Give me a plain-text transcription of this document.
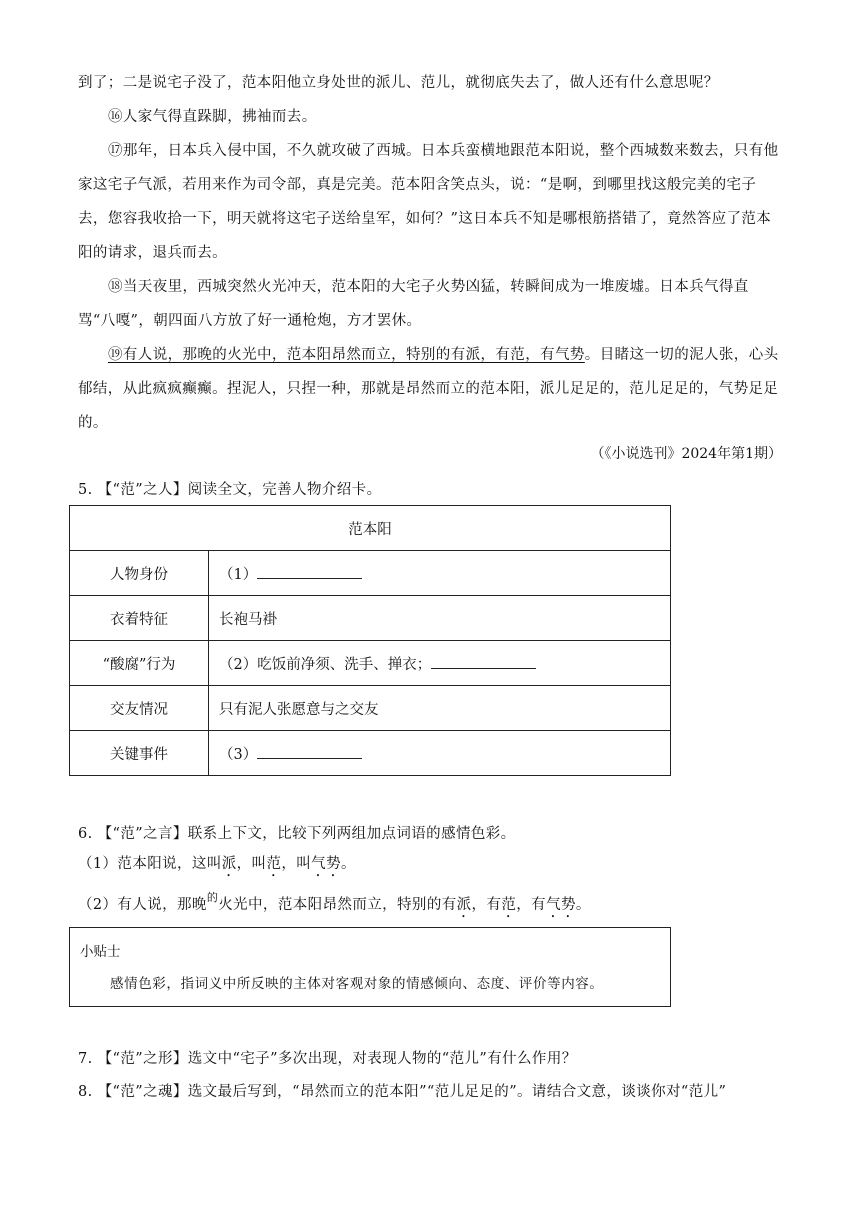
到了；二是说宅子没了，范本阳他立身处世的派儿、范儿，就彻底失去了，做人还有什么意思呢？

⑯人家气得直跺脚，拂袖而去。

⑰那年，日本兵入侵中国，不久就攻破了西城。日本兵蛮横地跟范本阳说，整个西城数来数去，只有他家这宅子气派，若用来作为司令部，真是完美。范本阳含笑点头，说：“是啊，到哪里找这般完美的宅子去，您容我收拾一下，明天就将这宅子送给皇军，如何？”这日本兵不知是哪根筋搭错了，竟然答应了范本阳的请求，退兵而去。

⑱当天夜里，西城突然火光冲天，范本阳的大宅子火势凶猛，转瞬间成为一堆废墟。日本兵气得直骂“八嘎”，朝四面八方放了好一通枪炮，方才罢休。

⑲有人说，那晚的火光中，范本阳昂然而立，特别的有派，有范，有气势。目睹这一切的泥人张，心头郁结，从此疯疯癫癫。捏泥人，只捏一种，那就是昂然而立的范本阳，派儿足足的，范儿足足的，气势足足的。

（《小说选刊》2024年第1期）
5. 【“范”之人】阅读全文，完善人物介绍卡。
范本阳	
人物身份	（1）
衣着特征	长袍马褂
“酸腐”行为	（2）吃饭前净须、洗手、掸衣；
交友情况	只有泥人张愿意与之交友
关键事件	（3）
6. 【“范”之言】联系上下文，比较下列两组加点词语的感情色彩。
（1）范本阳说，这叫派，叫范，叫气势。
（2）有人说，那晚$^的$火光中，范本阳昂然而立，特别的有派，有范，有气势。
小贴士
感情色彩，指词义中所反映的主体对客观对象的情感倾向、态度、评价等内容。
7. 【“范”之形】选文中“宅子”多次出现，对表现人物的“范儿”有什么作用？
8. 【“范”之魂】选文最后写到，“昂然而立的范本阳”“范儿足足的”。请结合文意，谈谈你对“范儿”
